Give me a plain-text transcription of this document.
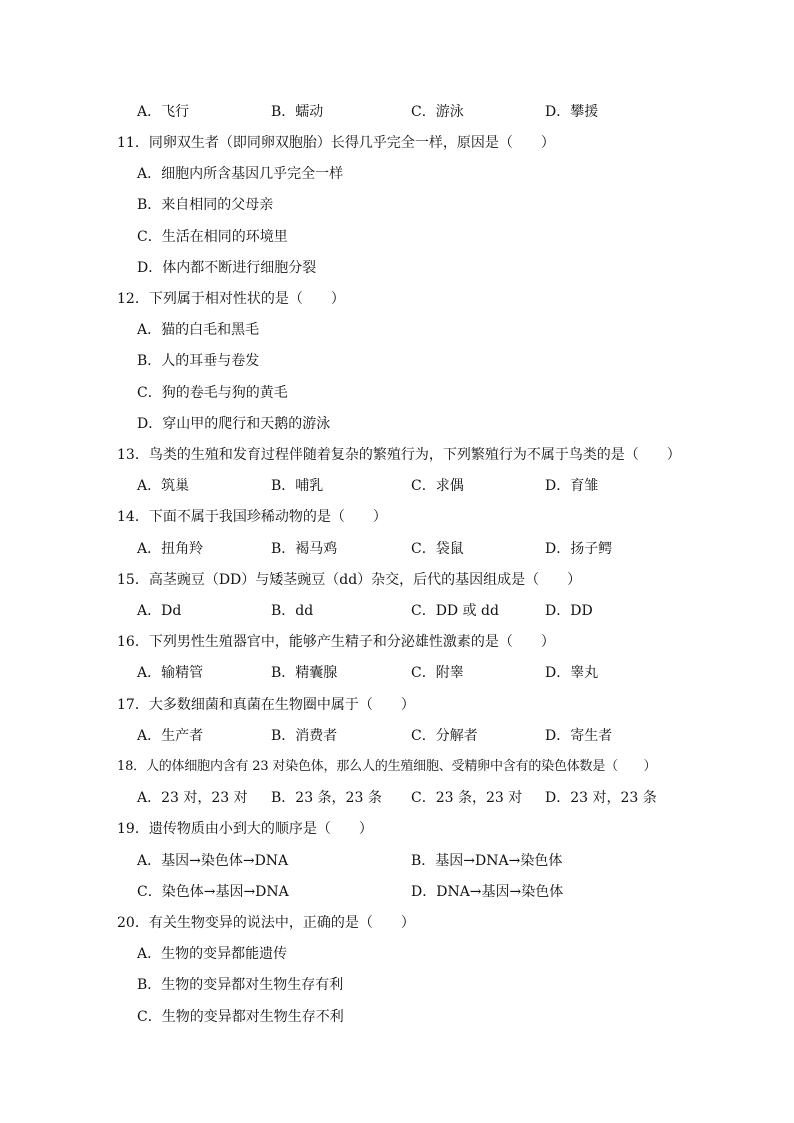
A．飞行	B．蠕动	C．游泳	D．攀援
11．同卵双生者（即同卵双胞胎）长得几乎完全一样，原因是（　　）
A．细胞内所含基因几乎完全一样
B．来自相同的父母亲
C．生活在相同的环境里
D．体内都不断进行细胞分裂
12．下列属于相对性状的是（　　）
A．猫的白毛和黑毛
B．人的耳垂与卷发
C．狗的卷毛与狗的黄毛
D．穿山甲的爬行和天鹅的游泳
13．鸟类的生殖和发育过程伴随着复杂的繁殖行为，下列繁殖行为不属于鸟类的是（　　）
A．筑巢	B．哺乳	C．求偶	D．育雏
14．下面不属于我国珍稀动物的是（　　）
A．扭角羚	B．褐马鸡	C．袋鼠	D．扬子鳄
15．高茎豌豆（DD）与矮茎豌豆（dd）杂交，后代的基因组成是（　　）
A．Dd	B．dd	C．DD 或 dd	D．DD
16．下列男性生殖器官中，能够产生精子和分泌雄性激素的是（　　）
A．输精管	B．精囊腺	C．附睾	D．睾丸
17．大多数细菌和真菌在生物圈中属于（　　）
A．生产者	B．消费者	C．分解者	D．寄生者
18．人的体细胞内含有 23 对染色体，那么人的生殖细胞、受精卵中含有的染色体数是（　　）
A．23 对，23 对 B．23 条，23 条 C．23 条，23 对 D．23 对，23 条
19．遗传物质由小到大的顺序是（　　）
A．基因→染色体→DNA	B．基因→DNA→染色体
C．染色体→基因→DNA	D．DNA→基因→染色体
20．有关生物变异的说法中，正确的是（　　）
A．生物的变异都能遗传
B．生物的变异都对生物生存有利
C．生物的变异都对生物生存不利
